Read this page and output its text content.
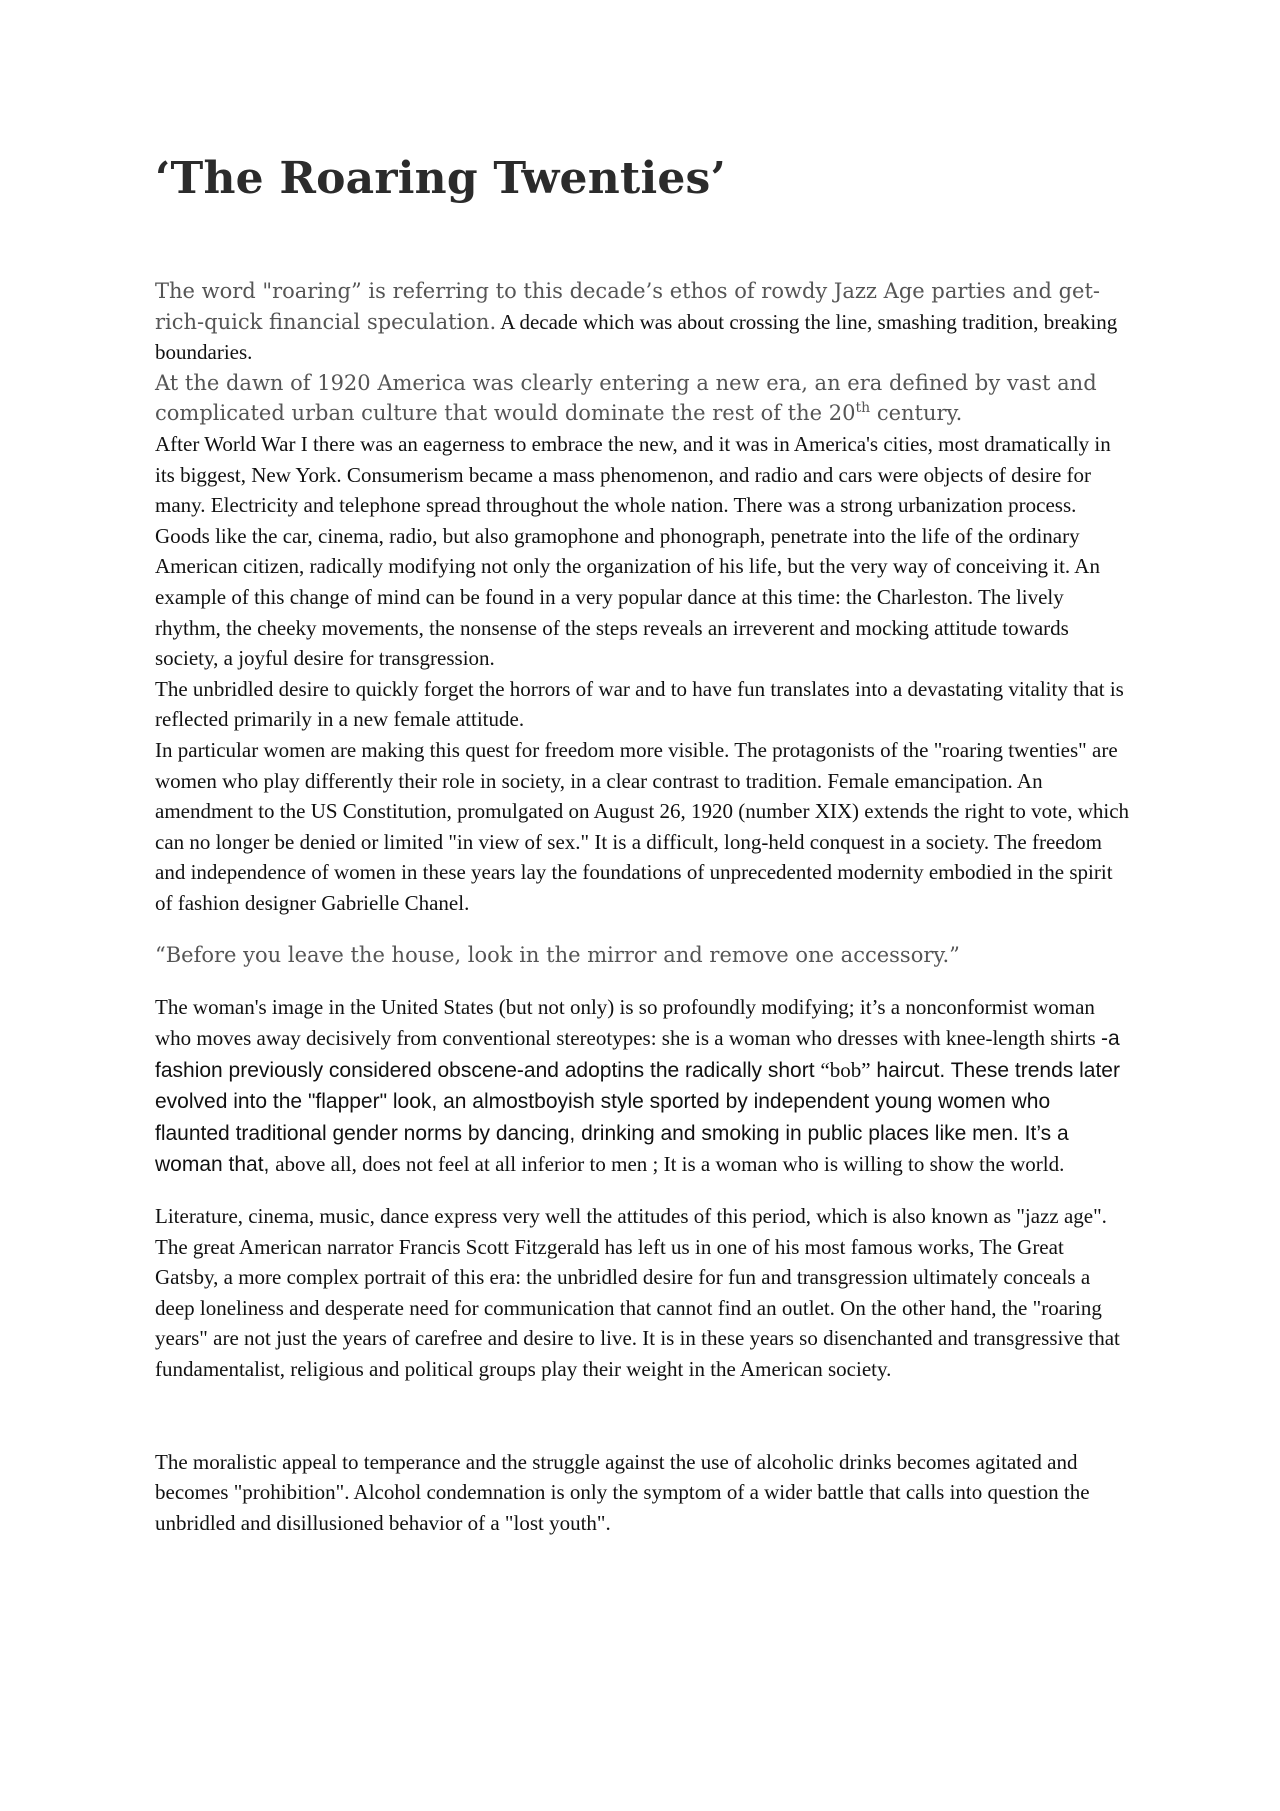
‘The Roaring Twenties’

The word "roaring” is referring to this decade’s ethos of rowdy Jazz Age parties and get-rich-quick financial speculation. A decade which was about crossing the line, smashing tradition, breaking boundaries.

At the dawn of 1920 America was clearly entering a new era, an era defined by vast and complicated urban culture that would dominate the rest of the 20th century.
After World War I there was an eagerness to embrace the new, and it was in America's cities, most dramatically in its biggest, New York. Consumerism became a mass phenomenon, and radio and cars were objects of desire for many. Electricity and telephone spread throughout the whole nation. There was a strong urbanization process. Goods like the car, cinema, radio, but also gramophone and phonograph, penetrate into the life of the ordinary American citizen, radically modifying not only the organization of his life, but the very way of conceiving it. An example of this change of mind can be found in a very popular dance at this time: the Charleston. The lively rhythm, the cheeky movements, the nonsense of the steps reveals an irreverent and mocking attitude towards society, a joyful desire for transgression.

The unbridled desire to quickly forget the horrors of war and to have fun translates into a devastating vitality that is reflected primarily in a new female attitude.

In particular women are making this quest for freedom more visible. The protagonists of the "roaring twenties" are women who play differently their role in society, in a clear contrast to tradition. Female emancipation. An amendment to the US Constitution, promulgated on August 26, 1920 (number XIX) extends the right to vote, which can no longer be denied or limited "in view of sex." It is a difficult, long-held conquest in a society. The freedom and independence of women in these years lay the foundations of unprecedented modernity embodied in the spirit of fashion designer Gabrielle Chanel.

“Before you leave the house, look in the mirror and remove one accessory.”

The woman's image in the United States (but not only) is so profoundly modifying; it’s a nonconformist woman who moves away decisively from conventional stereotypes: she is a woman who dresses with knee-length shirts -a fashion previously considered obscene-and adoptins the radically short “bob” haircut. These trends later evolved into the "flapper" look, an almostboyish style sported by independent young women who flaunted traditional gender norms by dancing, drinking and smoking in public places like men. It’s a woman that, above all, does not feel at all inferior to men ; It is a woman who is willing to show the world.

Literature, cinema, music, dance express very well the attitudes of this period, which is also known as "jazz age". The great American narrator Francis Scott Fitzgerald has left us in one of his most famous works, The Great Gatsby, a more complex portrait of this era: the unbridled desire for fun and transgression ultimately conceals a deep loneliness and desperate need for communication that cannot find an outlet. On the other hand, the "roaring years" are not just the years of carefree and desire to live. It is in these years so disenchanted and transgressive that fundamentalist, religious and political groups play their weight in the American society.

The moralistic appeal to temperance and the struggle against the use of alcoholic drinks becomes agitated and becomes "prohibition". Alcohol condemnation is only the symptom of a wider battle that calls into question the unbridled and disillusioned behavior of a "lost youth".
